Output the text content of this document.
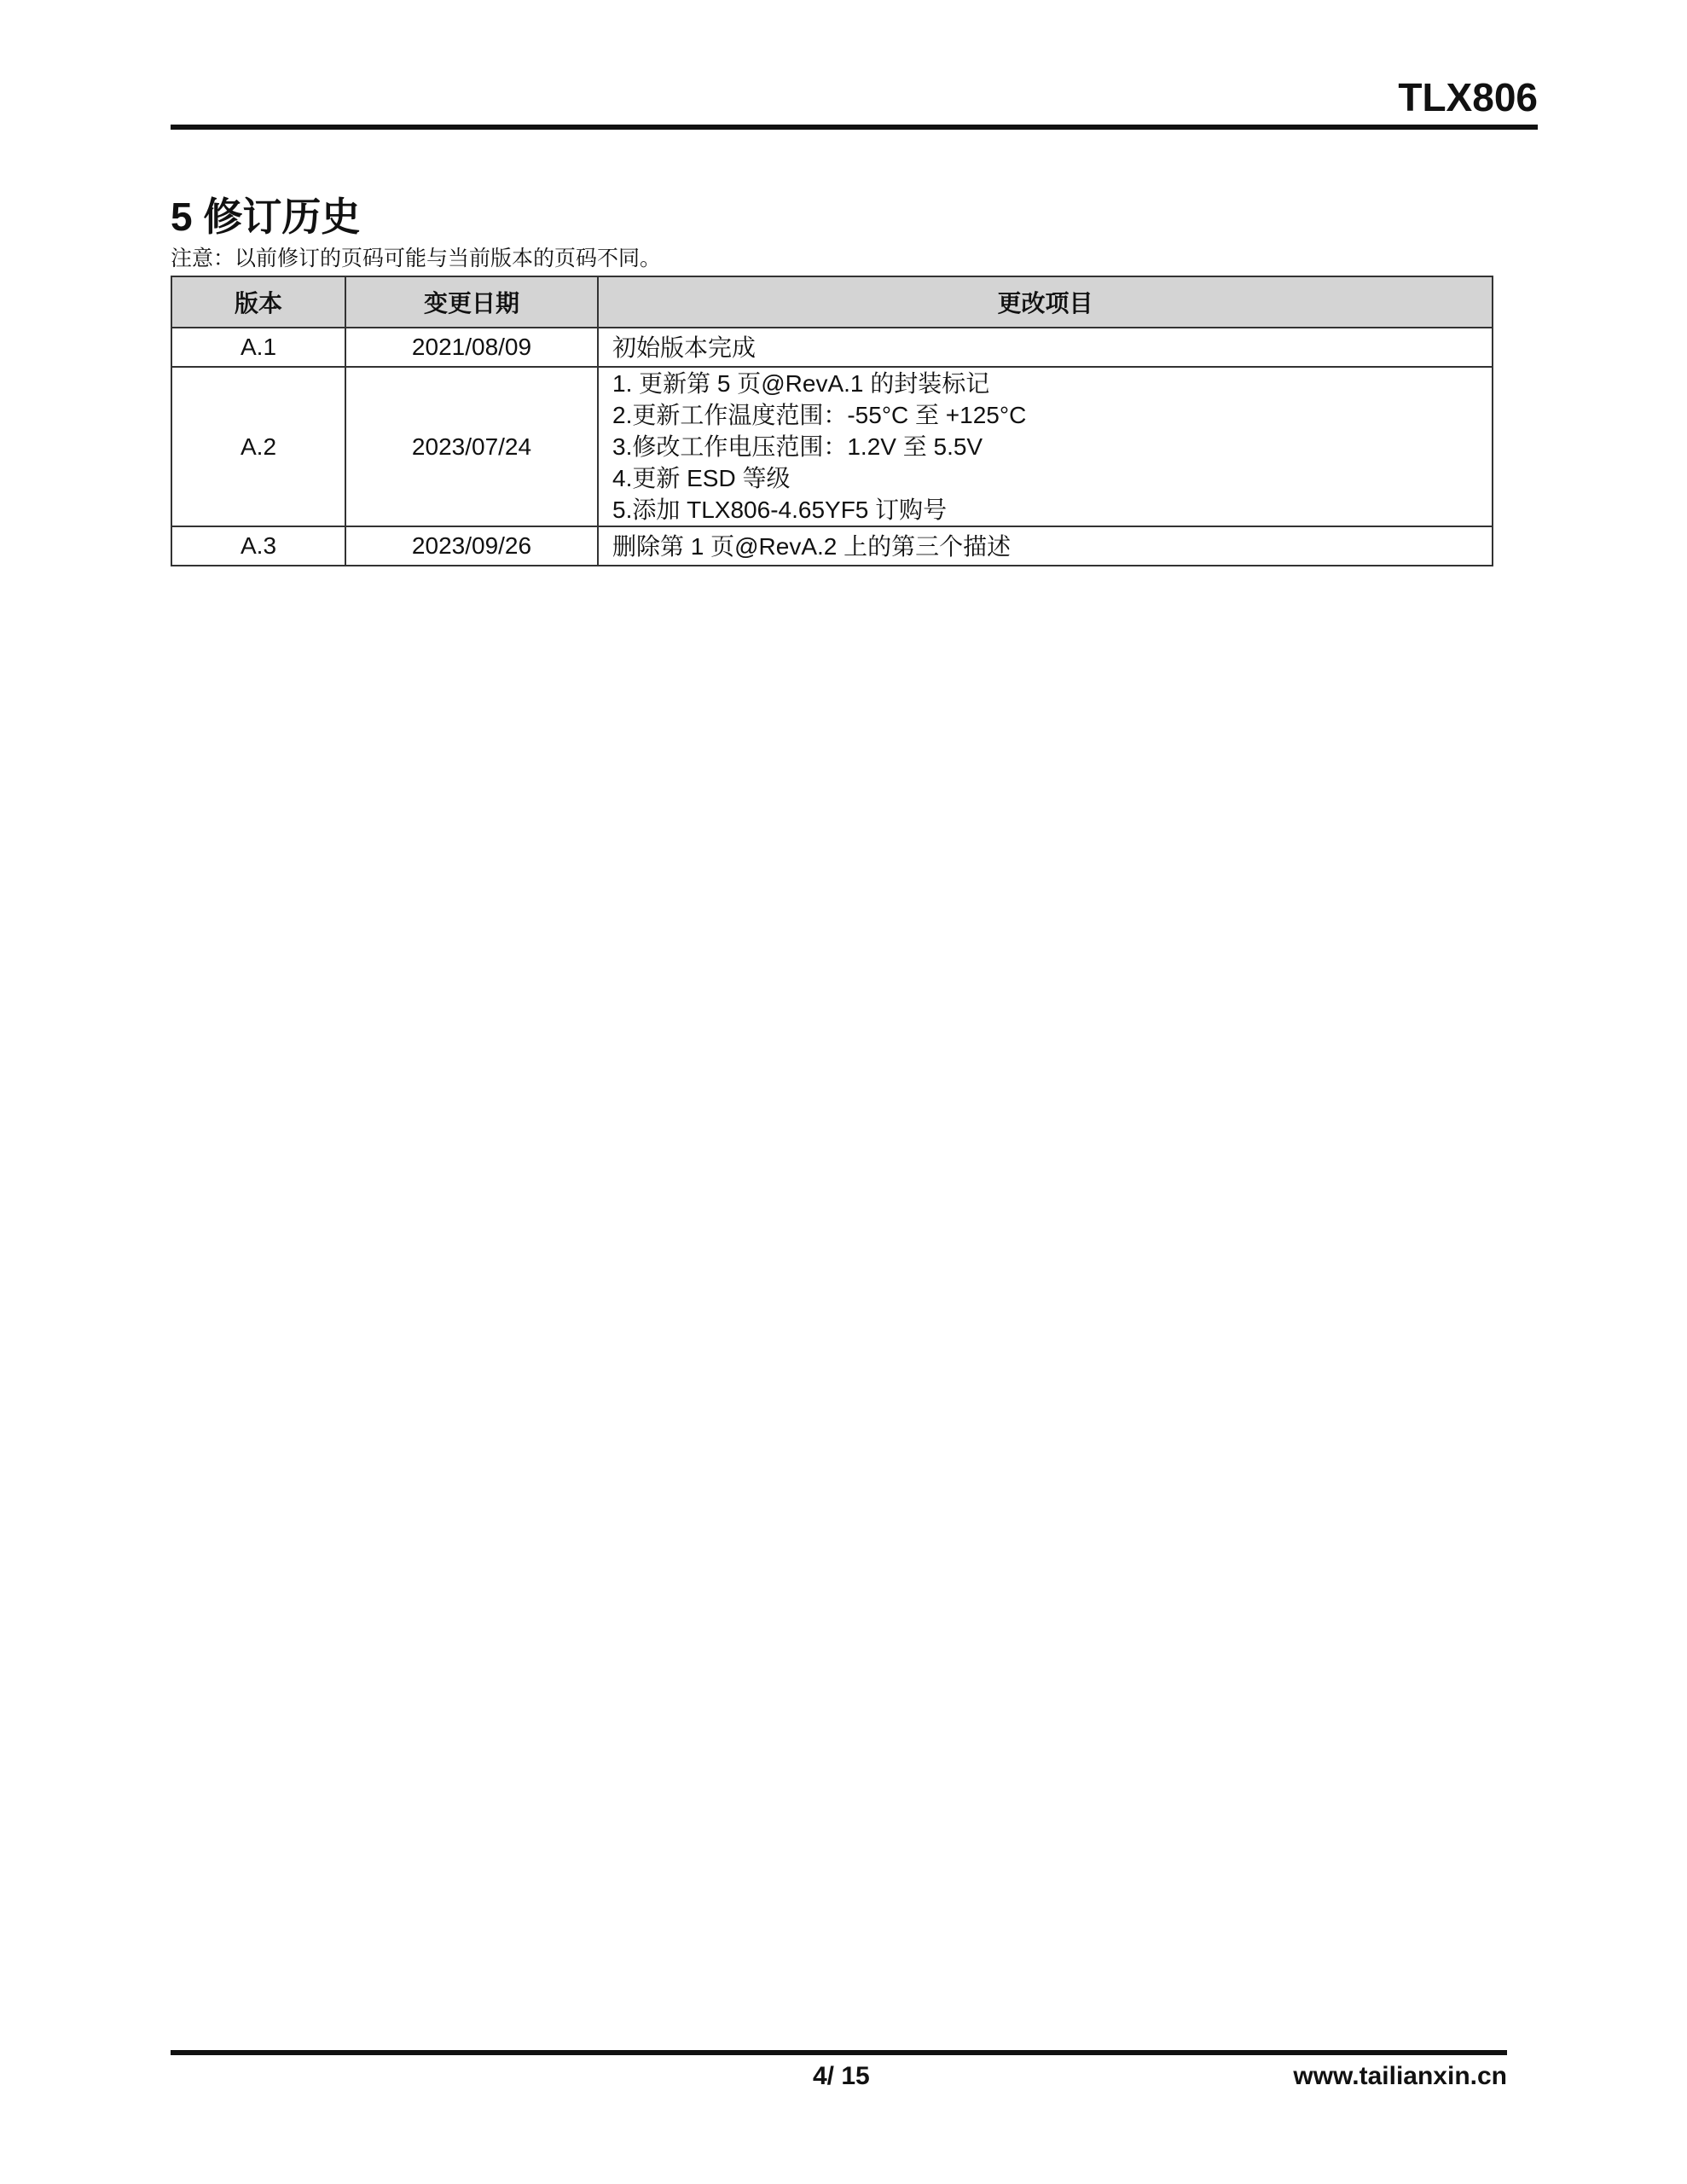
TLX806
5 修订历史
注意：以前修订的页码可能与当前版本的页码不同。
版本	变更日期	更改项目
A.1	2021/08/09	初始版本完成

A.2	2023/07/24	1. 更新第 5 页@RevA.1 的封装标记
2.更新工作温度范围：-55°C 至 +125°C
3.修改工作电压范围：1.2V 至 5.5V
4.更新 ESD 等级
5.添加 TLX806-4.65YF5 订购号

A.3	2023/09/26	删除第 1 页@RevA.2 上的第三个描述
4/ 15	www.tailianxin.cn
